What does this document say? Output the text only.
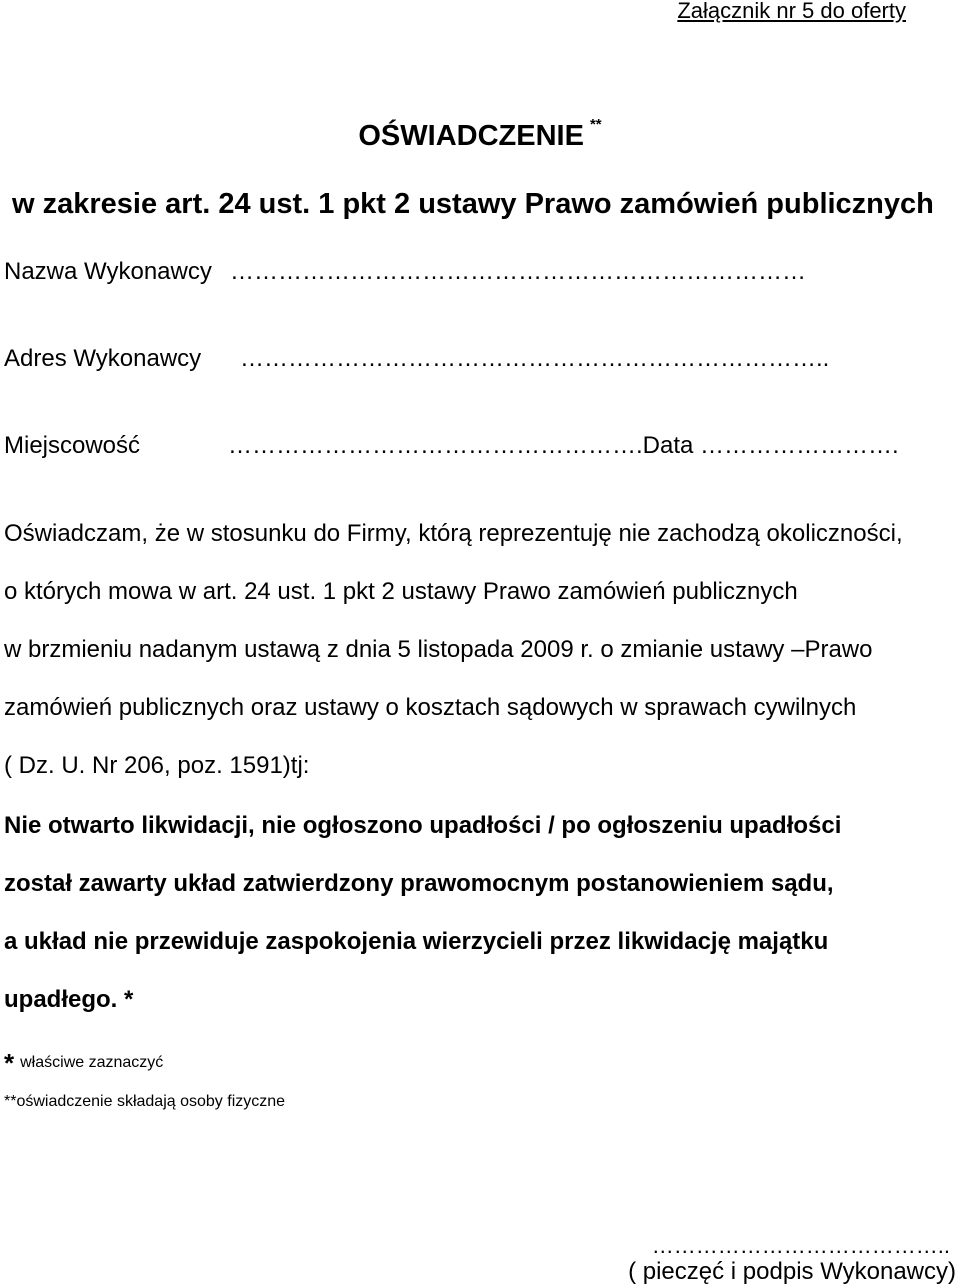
Załącznik nr 5 do oferty
OŚWIADCZENIE **
w zakresie art. 24 ust. 1 pkt 2 ustawy Prawo zamówień publicznych
Nazwa Wykonawcy ………………………………………………………………
Adres Wykonawcy ………………………………………………………………..
Miejscowość	…………………………………………….Data …………………….
Oświadczam, że w stosunku do Firmy, którą reprezentuję nie zachodzą okoliczności,
o których mowa w art. 24 ust. 1 pkt 2 ustawy Prawo zamówień publicznych
w brzmieniu nadanym ustawą z dnia 5 listopada 2009 r. o zmianie ustawy –Prawo
zamówień publicznych oraz ustawy o kosztach sądowych w sprawach cywilnych
( Dz. U. Nr 206, poz. 1591)tj:
Nie otwarto likwidacji, nie ogłoszono upadłości / po ogłoszeniu upadłości
został zawarty układ zatwierdzony prawomocnym postanowieniem sądu,
a układ nie przewiduje zaspokojenia wierzycieli przez likwidację majątku
upadłego. *
* właściwe zaznaczyć
**oświadczenie składają osoby fizyczne
…………………………………..
( pieczęć i podpis Wykonawcy)
